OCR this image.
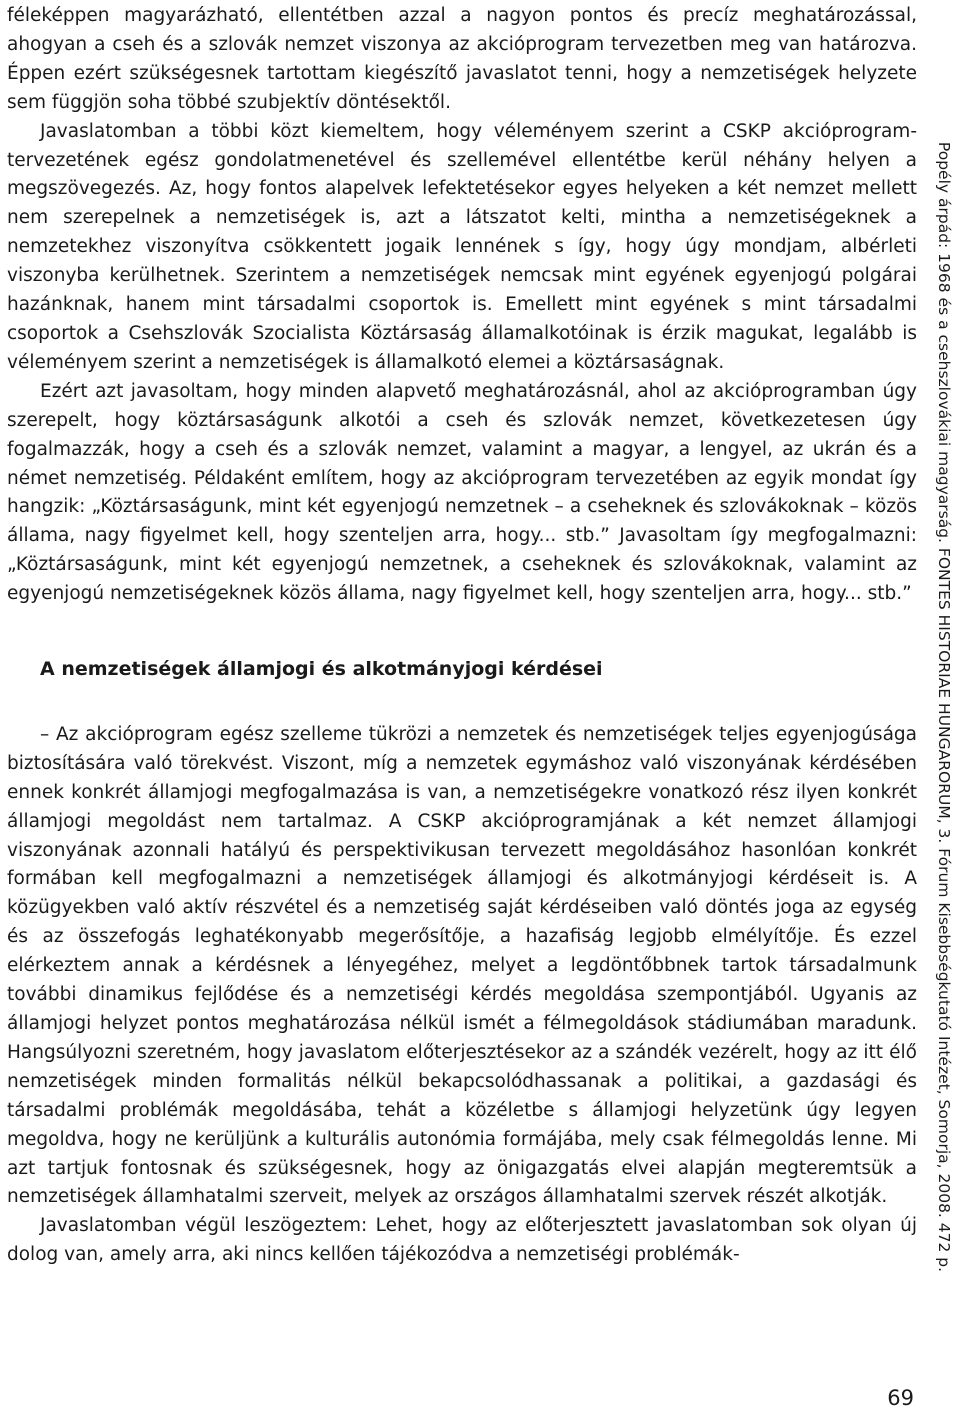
féleképpen magyarázható, ellentétben azzal a nagyon pontos és precíz meghatározással, ahogyan a cseh és a szlovák nemzet viszonya az akcióprogram tervezetben meg van határozva. Éppen ezért szükségesnek tartottam kiegészítő javaslatot tenni, hogy a nemzetiségek helyzete sem függjön soha többé szubjektív döntésektől.

Javaslatomban a többi közt kiemeltem, hogy véleményem szerint a CSKP akcióprogram-tervezetének egész gondolatmenetével és szellemével ellentétbe kerül néhány helyen a megszövegezés. Az, hogy fontos alapelvek lefektetésekor egyes helyeken a két nemzet mellett nem szerepelnek a nemzetiségek is, azt a látszatot kelti, mintha a nemzetiségeknek a nemzetekhez viszonyítva csökkentett jogaik lennének s így, hogy úgy mondjam, albérleti viszonyba kerülhetnek. Szerintem a nemzetiségek nemcsak mint egyének egyenjogú polgárai hazánknak, hanem mint társadalmi csoportok is. Emellett mint egyének s mint társadalmi csoportok a Csehszlovák Szocialista Köztársaság államalkotóinak is érzik magukat, legalább is véleményem szerint a nemzetiségek is államalkotó elemei a köztársaságnak.

Ezért azt javasoltam, hogy minden alapvető meghatározásnál, ahol az akcióprogramban úgy szerepelt, hogy köztársaságunk alkotói a cseh és szlovák nemzet, következetesen úgy fogalmazzák, hogy a cseh és a szlovák nemzet, valamint a magyar, a lengyel, az ukrán és a német nemzetiség. Példaként említem, hogy az akcióprogram tervezetében az egyik mondat így hangzik: „Köztársaságunk, mint két egyenjogú nemzetnek – a cseheknek és szlovákoknak – közös állama, nagy figyelmet kell, hogy szenteljen arra, hogy... stb.” Javasoltam így megfogalmazni: „Köztársaságunk, mint két egyenjogú nemzetnek, a cseheknek és szlovákoknak, valamint az egyenjogú nemzetiségeknek közös állama, nagy figyelmet kell, hogy szenteljen arra, hogy... stb.”

A nemzetiségek államjogi és alkotmányjogi kérdései

– Az akcióprogram egész szelleme tükrözi a nemzetek és nemzetiségek teljes egyenjogúsága biztosítására való törekvést. Viszont, míg a nemzetek egymáshoz való viszonyának kérdésében ennek konkrét államjogi megfogalmazása is van, a nemzetiségekre vonatkozó rész ilyen konkrét államjogi megoldást nem tartalmaz. A CSKP akcióprogramjának a két nemzet államjogi viszonyának azonnali hatályú és perspektivikusan tervezett megoldásához hasonlóan konkrét formában kell megfogalmazni a nemzetiségek államjogi és alkotmányjogi kérdéseit is. A közügyekben való aktív részvétel és a nemzetiség saját kérdéseiben való döntés joga az egység és az összefogás leghatékonyabb megerősítője, a hazafiság legjobb elmélyítője. És ezzel elérkeztem annak a kérdésnek a lényegéhez, melyet a legdöntőbbnek tartok társadalmunk további dinamikus fejlődése és a nemzetiségi kérdés megoldása szempontjából. Ugyanis az államjogi helyzet pontos meghatározása nélkül ismét a félmegoldások stádiumában maradunk. Hangsúlyozni szeretném, hogy javaslatom előterjesztésekor az a szándék vezérelt, hogy az itt élő nemzetiségek minden formalitás nélkül bekapcsolódhassanak a politikai, a gazdasági és társadalmi problémák megoldásába, tehát a közéletbe s államjogi helyzetünk úgy legyen megoldva, hogy ne kerüljünk a kulturális autonómia formájába, mely csak félmegoldás lenne. Mi azt tartjuk fontosnak és szükségesnek, hogy az önigazgatás elvei alapján megteremtsük a nemzetiségek államhatalmi szerveit, melyek az országos államhatalmi szervek részét alkotják.

Javaslatomban végül leszögeztem: Lehet, hogy az előterjesztett javaslatomban sok olyan új dolog van, amely arra, aki nincs kellően tájékozódva a nemzetiségi problémák-	Popély árpád: 1968 és a csehszlovákiai magyarság. FONTES HISTORIAE HUNGARORUM, 3. Fórum Kisebbségkutató Intézet, Somorja, 2008. 472 p.
69
